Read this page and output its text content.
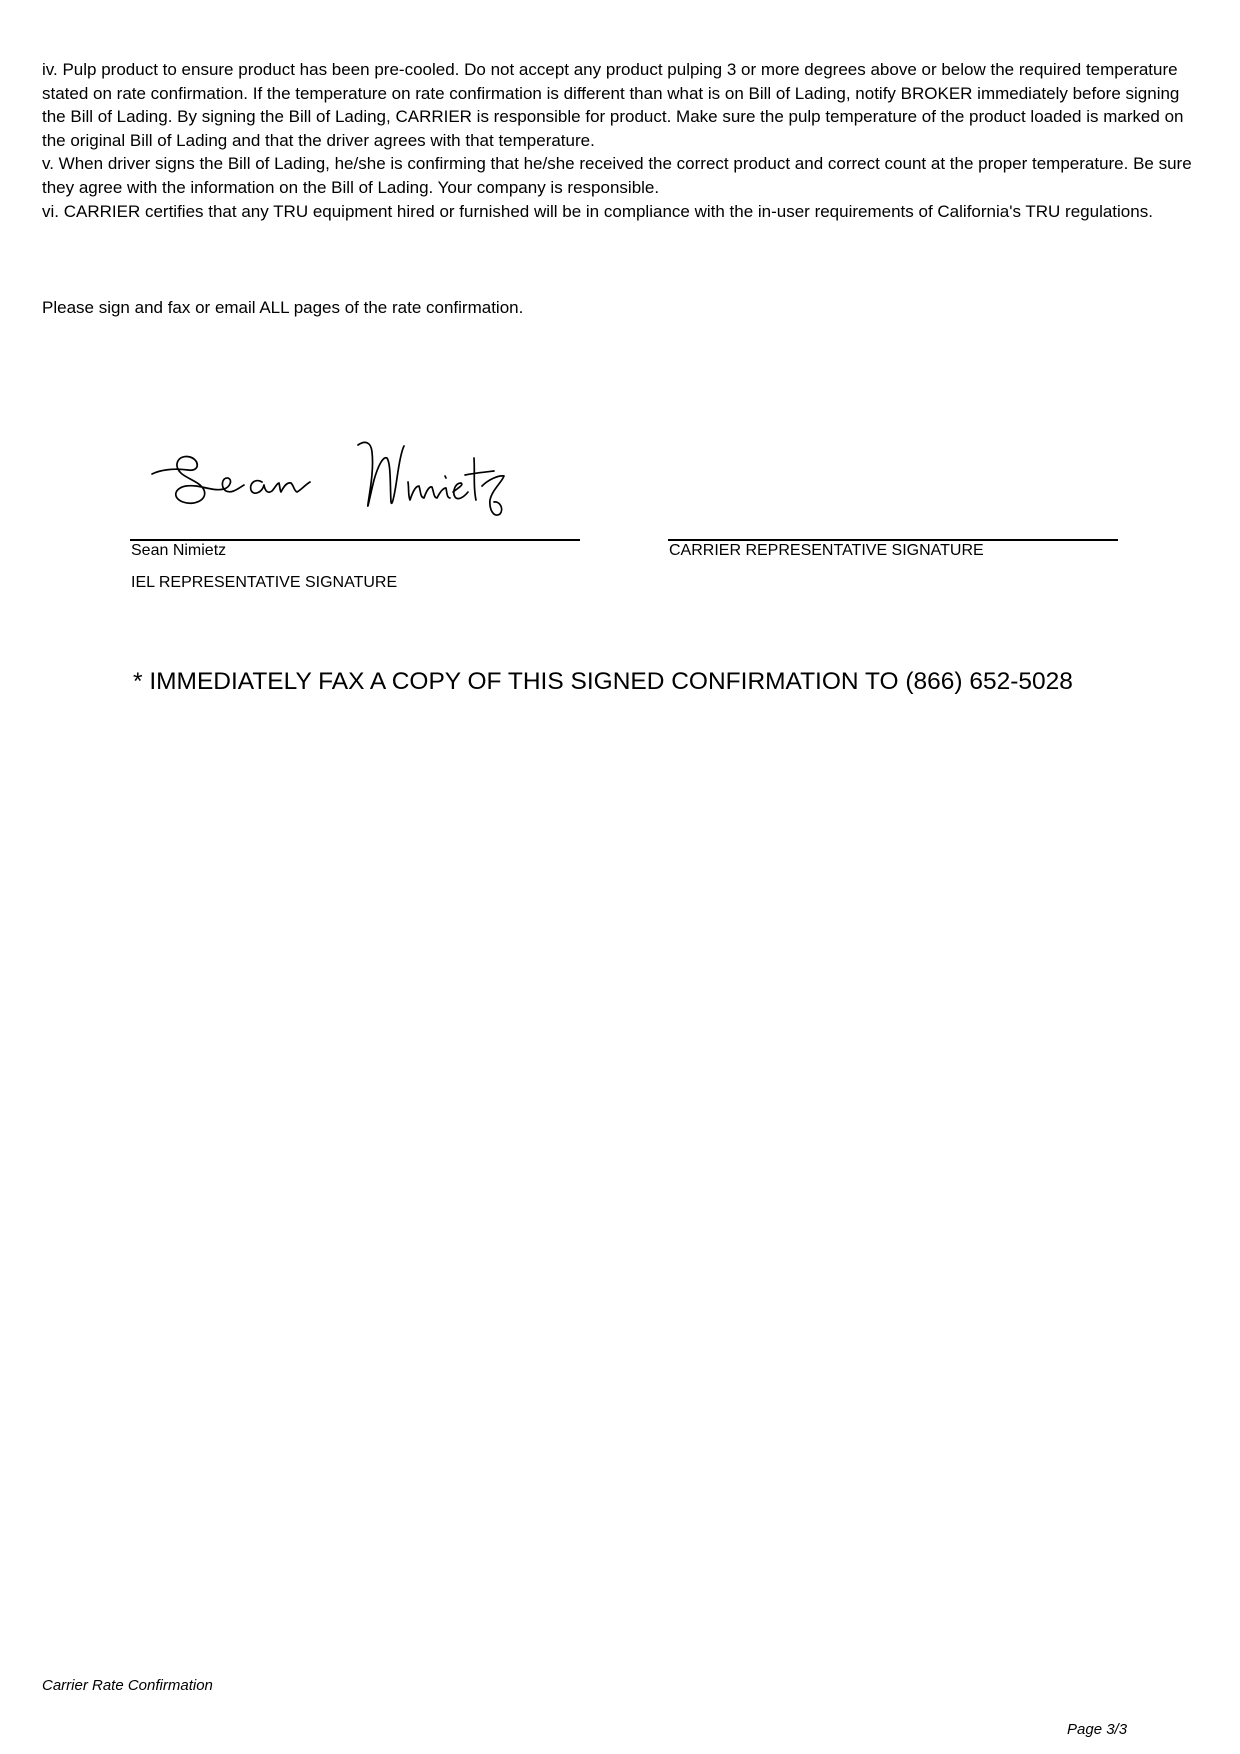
iv. Pulp product to ensure product has been pre-cooled. Do not accept any product pulping 3 or more degrees above or below the required temperature stated on rate confirmation. If the temperature on rate confirmation is different than what is on Bill of Lading, notify BROKER immediately before signing the Bill of Lading. By signing the Bill of Lading, CARRIER is responsible for product. Make sure the pulp temperature of the product loaded is marked on the original Bill of Lading and that the driver agrees with that temperature.

v. When driver signs the Bill of Lading, he/she is confirming that he/she received the correct product and correct count at the proper temperature. Be sure they agree with the information on the Bill of Lading. Your company is responsible.

vi. CARRIER certifies that any TRU equipment hired or furnished will be in compliance with the in-user requirements of California's TRU regulations.

Please sign and fax or email ALL pages of the rate confirmation.

Sean Nimietz
IEL REPRESENTATIVE SIGNATURE
CARRIER REPRESENTATIVE SIGNATURE
* IMMEDIATELY FAX A COPY OF THIS SIGNED CONFIRMATION TO (866) 652-5028
Carrier Rate Confirmation
Page 3/3
